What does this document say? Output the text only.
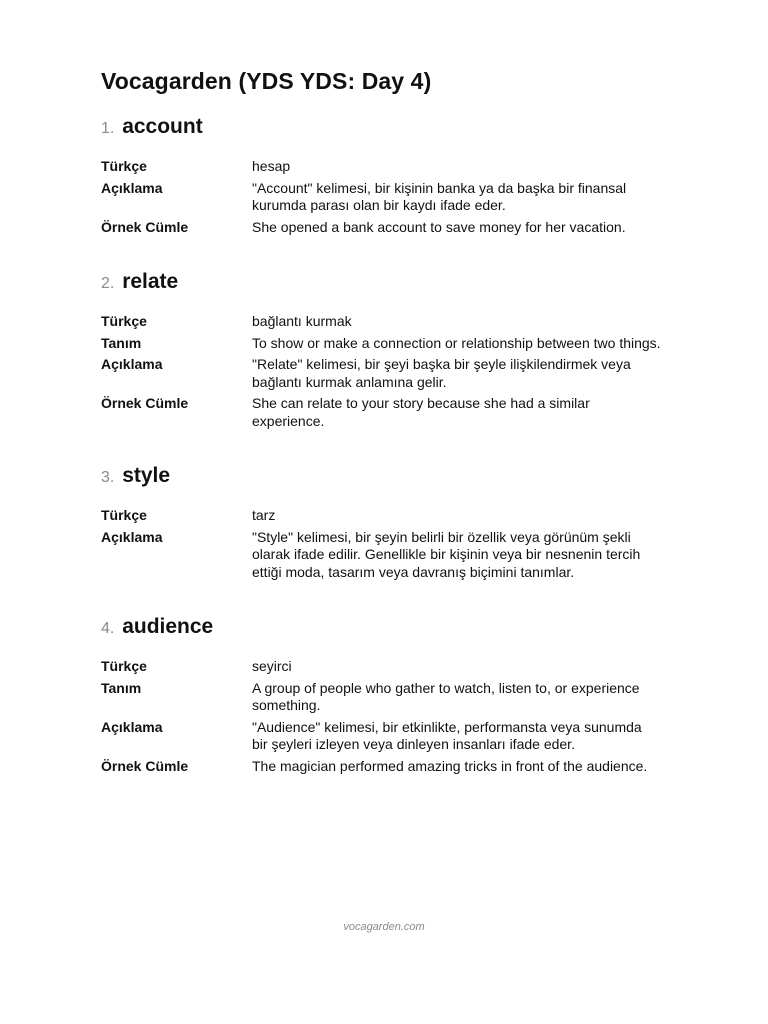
Vocagarden (YDS YDS: Day 4)
1. account
Türkçe	hesap
Açıklama	"Account" kelimesi, bir kişinin banka ya da başka bir finansal kurumda parası olan bir kaydı ifade eder.
Örnek Cümle	She opened a bank account to save money for her vacation.
2. relate
Türkçe	bağlantı kurmak
Tanım	To show or make a connection or relationship between two things.
Açıklama	"Relate" kelimesi, bir şeyi başka bir şeyle ilişkilendirmek veya bağlantı kurmak anlamına gelir.
Örnek Cümle	She can relate to your story because she had a similar experience.
3. style
Türkçe	tarz
Açıklama	"Style" kelimesi, bir şeyin belirli bir özellik veya görünüm şekli olarak ifade edilir. Genellikle bir kişinin veya bir nesnenin tercih ettiği moda, tasarım veya davranış biçimini tanımlar.
4. audience
Türkçe	seyirci
Tanım	A group of people who gather to watch, listen to, or experience something.
Açıklama	"Audience" kelimesi, bir etkinlikte, performansta veya sunumda bir şeyleri izleyen veya dinleyen insanları ifade eder.
Örnek Cümle	The magician performed amazing tricks in front of the audience.
vocagarden.com
